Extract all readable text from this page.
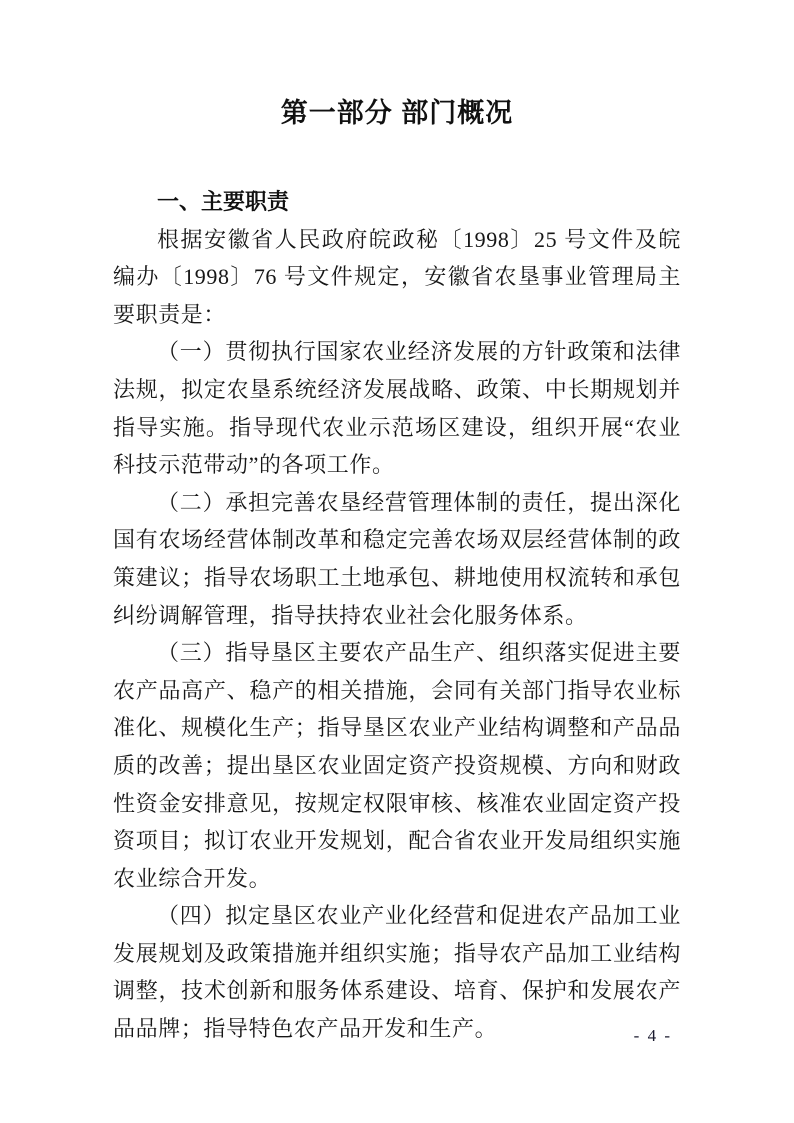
第一部分 部门概况
一、主要职责

根据安徽省人民政府皖政秘〔1998〕25 号文件及皖编办〔1998〕76 号文件规定，安徽省农垦事业管理局主要职责是：

（一）贯彻执行国家农业经济发展的方针政策和法律法规，拟定农垦系统经济发展战略、政策、中长期规划并指导实施。指导现代农业示范场区建设，组织开展“农业科技示范带动”的各项工作。

（二）承担完善农垦经营管理体制的责任，提出深化国有农场经营体制改革和稳定完善农场双层经营体制的政策建议；指导农场职工土地承包、耕地使用权流转和承包纠纷调解管理，指导扶持农业社会化服务体系。

（三）指导垦区主要农产品生产、组织落实促进主要农产品高产、稳产的相关措施，会同有关部门指导农业标准化、规模化生产；指导垦区农业产业结构调整和产品品质的改善；提出垦区农业固定资产投资规模、方向和财政性资金安排意见，按规定权限审核、核准农业固定资产投资项目；拟订农业开发规划，配合省农业开发局组织实施农业综合开发。

（四）拟定垦区农业产业化经营和促进农产品加工业发展规划及政策措施并组织实施；指导农产品加工业结构调整，技术创新和服务体系建设、培育、保护和发展农产品品牌；指导特色农产品开发和生产。	- 4 -
